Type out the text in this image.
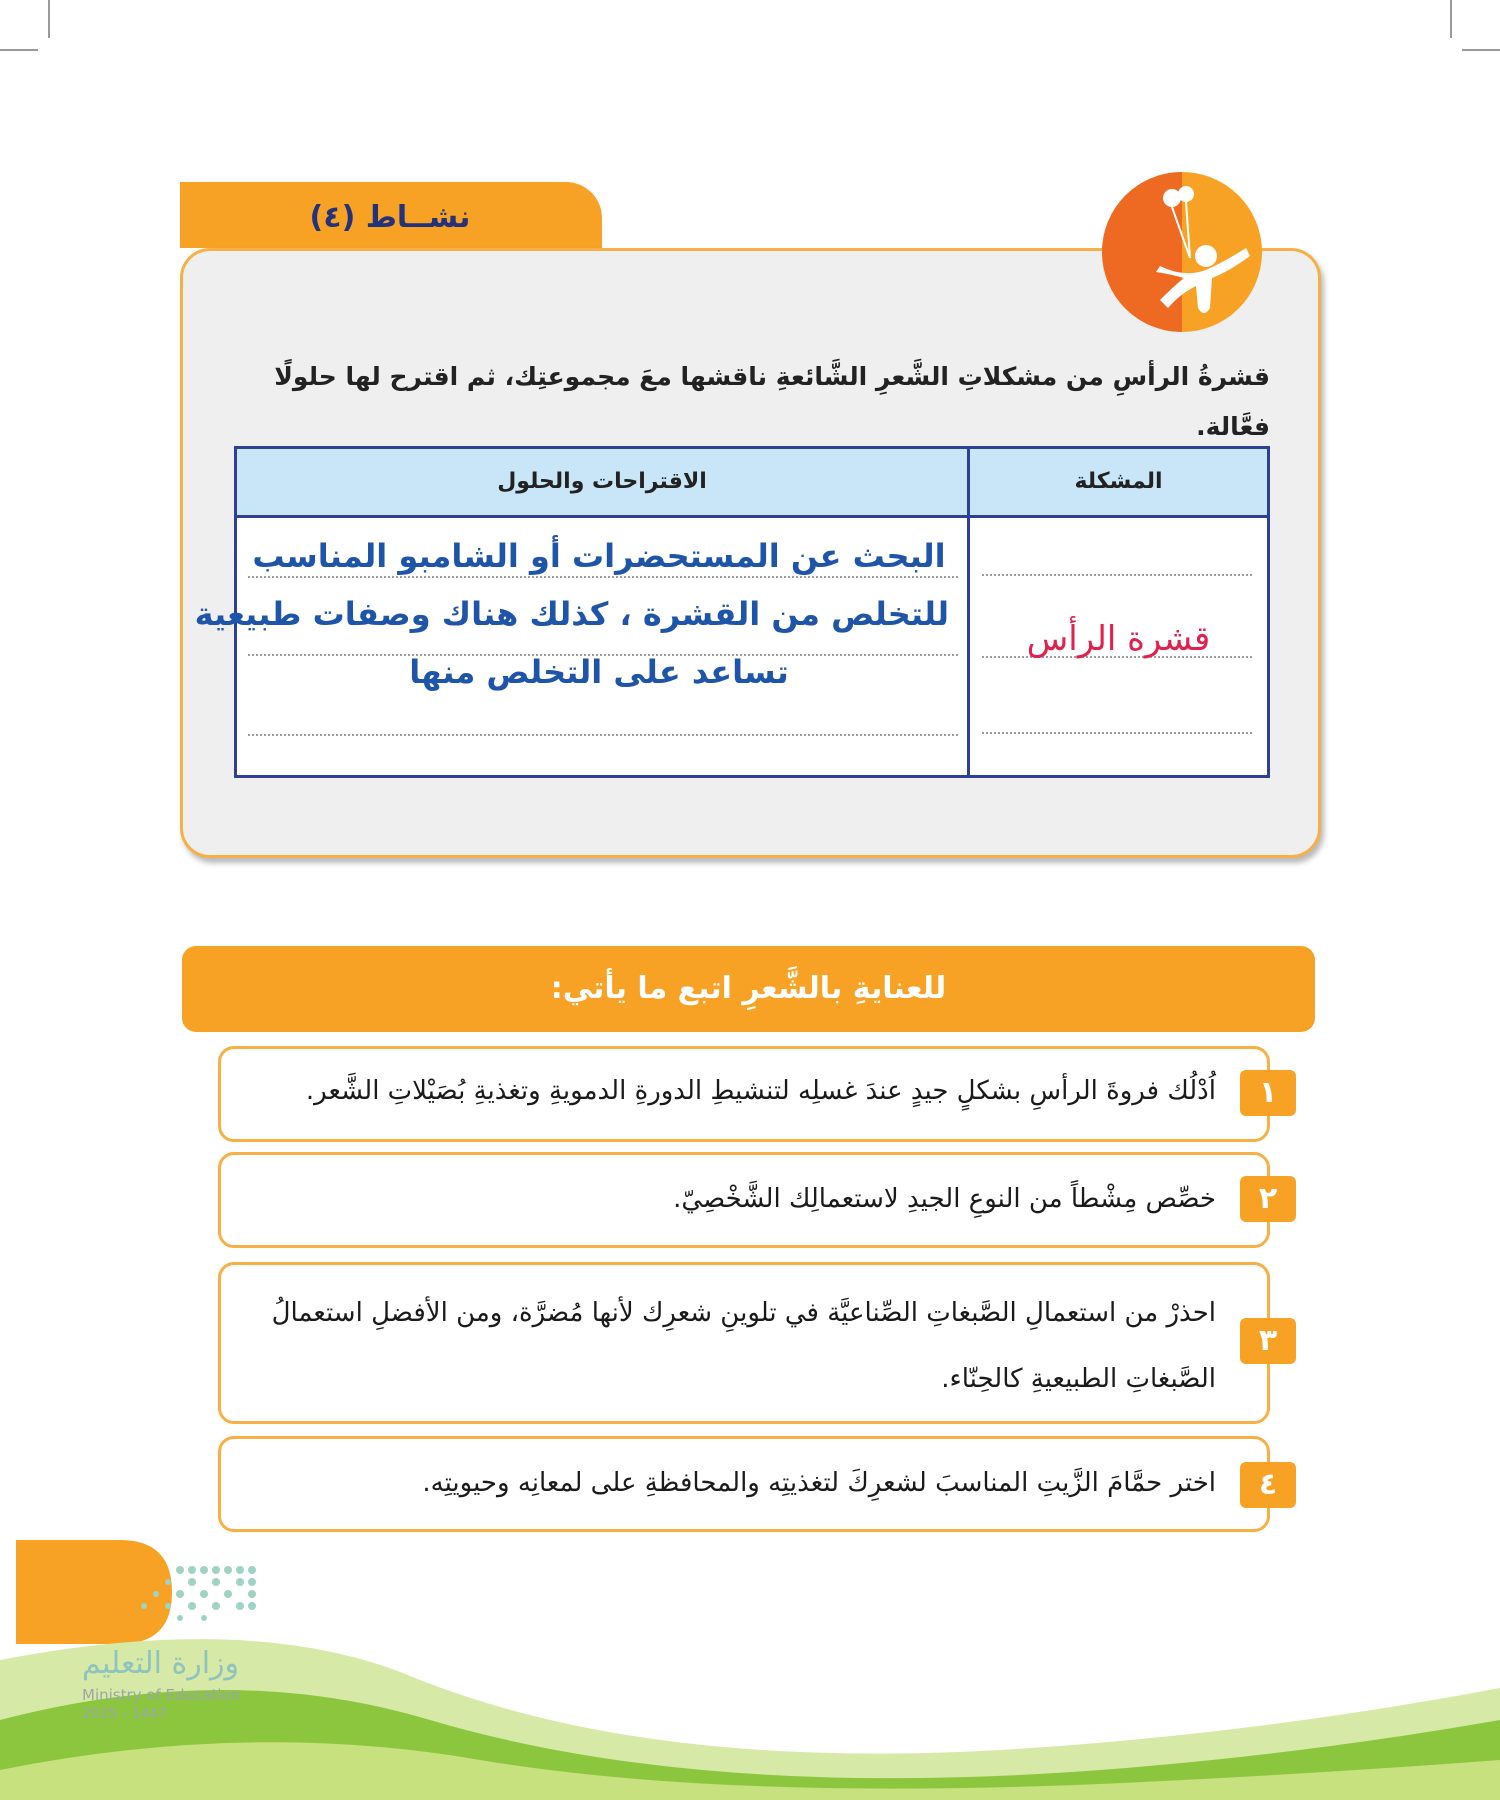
نشــاط (٤)
قشرةُ الرأسِ من مشكلاتِ الشَّعرِ الشَّائعةِ ناقشها معَ مجموعتِك، ثم اقترح لها حلولًا فعَّالة.
المشكلة
الاقتراحات والحلول
قشرة الرأس
البحث عن المستحضرات أو الشامبو المناسب
للتخلص من القشرة ، كذلك هناك وصفات طبيعية
تساعد على التخلص منها
للعنايةِ بالشَّعرِ اتبع ما يأتي:
١
اُدْلُك فروةَ الرأسِ بشكلٍ جيدٍ عندَ غسلِه لتنشيطِ الدورةِ الدمويةِ وتغذيةِ بُصَيْلاتِ الشَّعر.
٢
خصِّص مِشْطاً من النوعِ الجيدِ لاستعمالِك الشَّخْصِيّ.
٣
احذرْ من استعمالِ الصَّبغاتِ الصِّناعيَّة في تلوينِ شعرِك لأنها مُضرَّة، ومن الأفضلِ استعمالُ الصَّبغاتِ الطبيعيةِ كالحِنّاء.
٤
اختر حمَّامَ الزَّيتِ المناسبَ لشعرِكَ لتغذيتِه والمحافظةِ على لمعانِه وحيويتِه.
٣٦
وزارة التعليم
Ministry of Education
2025 - 1447
